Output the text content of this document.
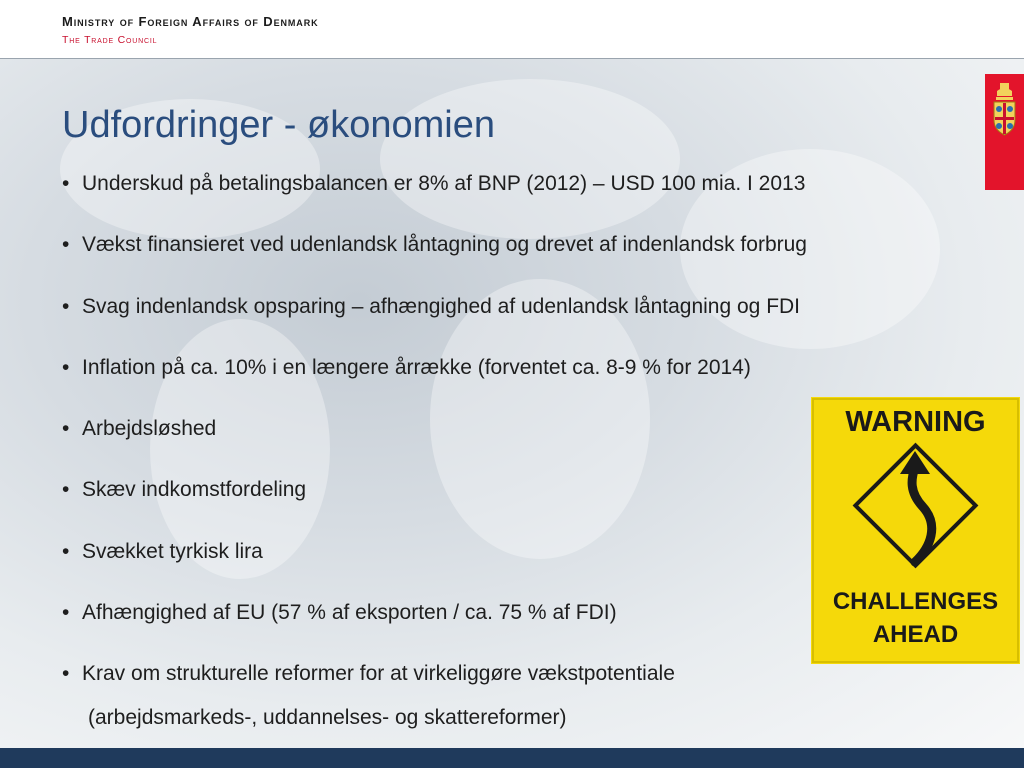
Ministry of Foreign Affairs of Denmark
The Trade Council
Udfordringer - økonomien
• Underskud på betalingsbalancen er 8% af BNP (2012) – USD 100 mia. I 2013
• Vækst finansieret ved udenlandsk låntagning og drevet af indenlandsk forbrug
• Svag indenlandsk opsparing – afhængighed af udenlandsk låntagning og FDI
• Inflation på ca. 10% i en længere årrække (forventet ca. 8-9 % for 2014)
• Arbejdsløshed
• Skæv indkomstfordeling
• Svækket tyrkisk lira
• Afhængighed af EU (57 % af eksporten / ca. 75 % af FDI)
• Krav om strukturelle reformer for at virkeliggøre vækstpotentiale
(arbejdsmarkeds-, uddannelses- og skattereformer)
WARNING
CHALLENGES
AHEAD
